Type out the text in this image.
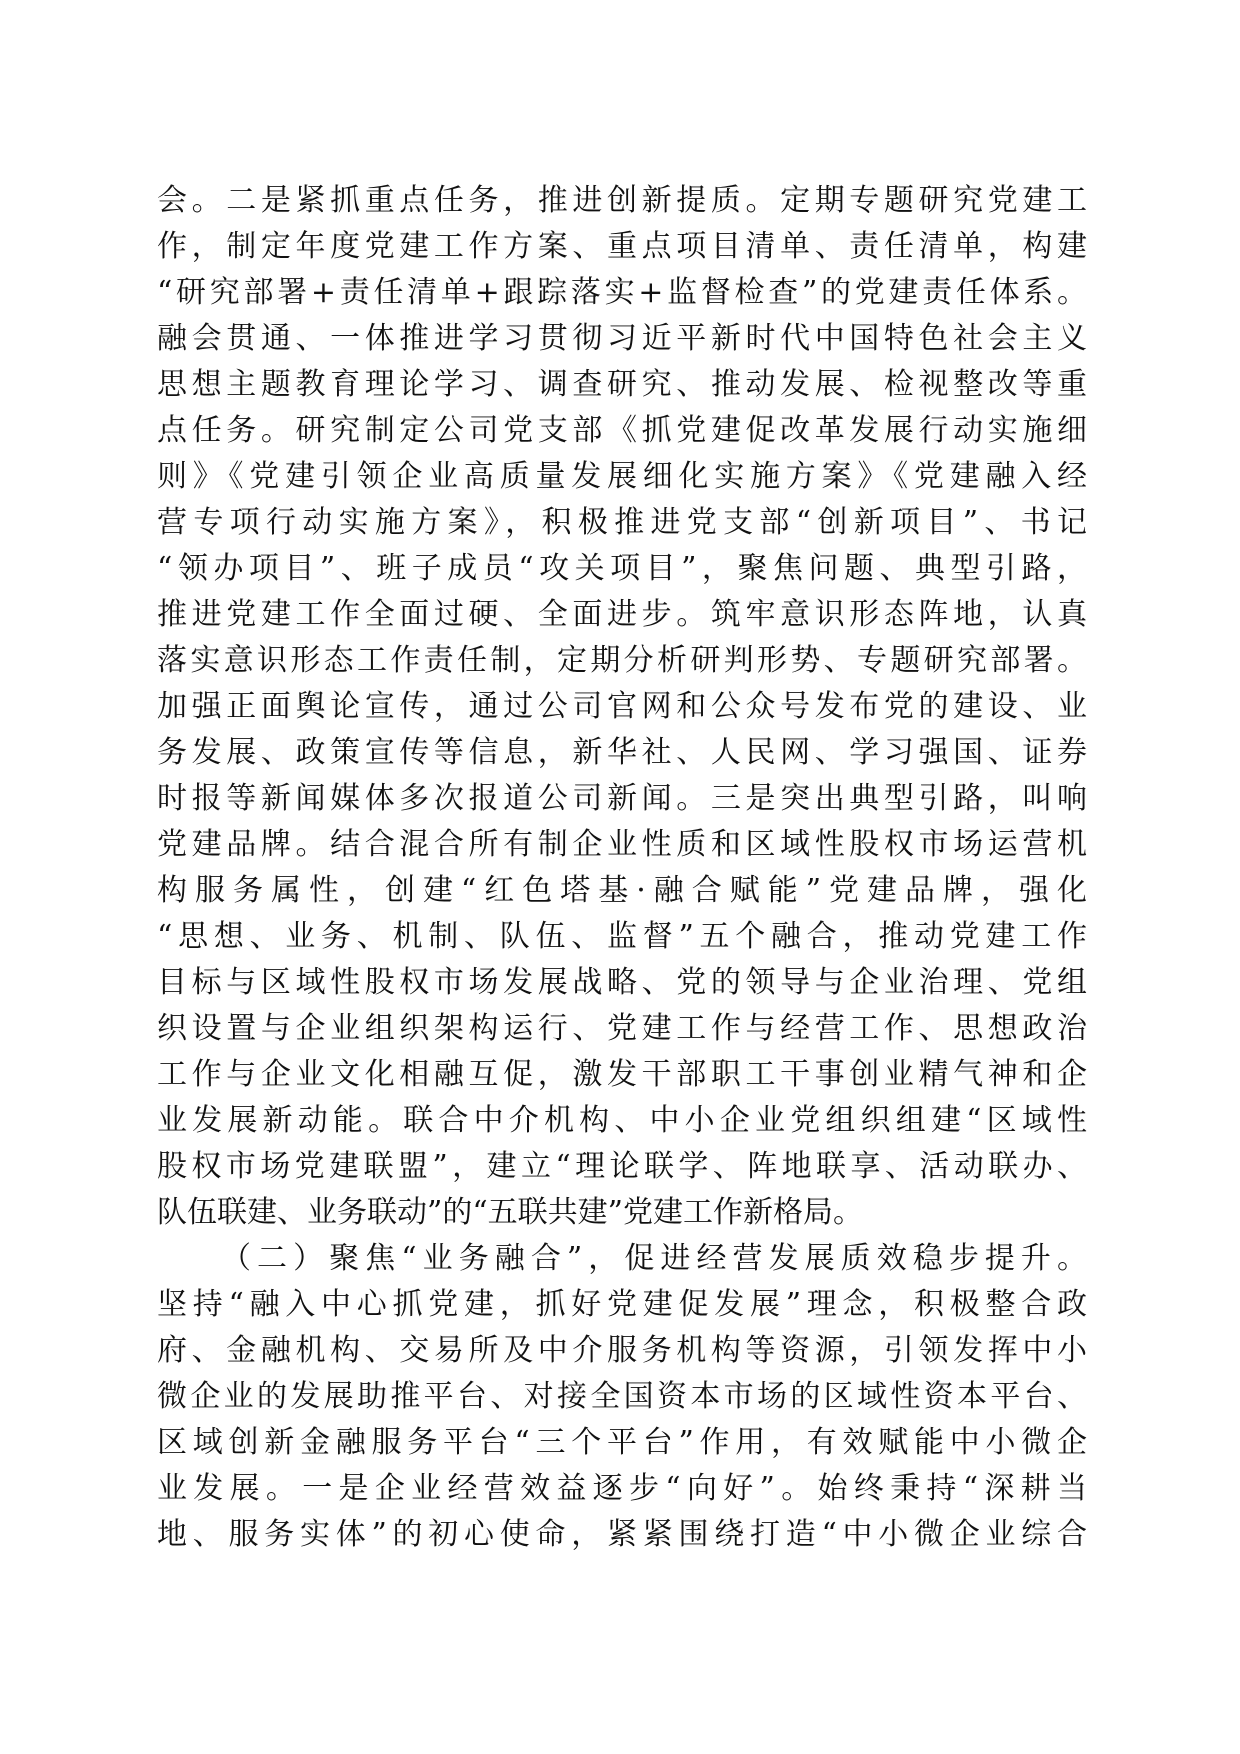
会。二是紧抓重点任务，推进创新提质。定期专题研究党建工
作，制定年度党建工作方案、重点项目清单、责任清单，构建
“研究部署+责任清单+跟踪落实+监督检查”的党建责任体系。
融会贯通、一体推进学习贯彻习近平新时代中国特色社会主义
思想主题教育理论学习、调查研究、推动发展、检视整改等重
点任务。研究制定公司党支部《抓党建促改革发展行动实施细
则》《党建引领企业高质量发展细化实施方案》《党建融入经
营专项行动实施方案》，积极推进党支部“创新项目”、书记
“领办项目”、班子成员“攻关项目”，聚焦问题、典型引路，
推进党建工作全面过硬、全面进步。筑牢意识形态阵地，认真
落实意识形态工作责任制，定期分析研判形势、专题研究部署。
加强正面舆论宣传，通过公司官网和公众号发布党的建设、业
务发展、政策宣传等信息，新华社、人民网、学习强国、证券
时报等新闻媒体多次报道公司新闻。三是突出典型引路，叫响
党建品牌。结合混合所有制企业性质和区域性股权市场运营机
构服务属性，创建“红色塔基·融合赋能”党建品牌，强化
“思想、业务、机制、队伍、监督”五个融合，推动党建工作
目标与区域性股权市场发展战略、党的领导与企业治理、党组
织设置与企业组织架构运行、党建工作与经营工作、思想政治
工作与企业文化相融互促，激发干部职工干事创业精气神和企
业发展新动能。联合中介机构、中小企业党组织组建“区域性
股权市场党建联盟”，建立“理论联学、阵地联享、活动联办、
队伍联建、业务联动”的“五联共建”党建工作新格局。
（二）聚焦“业务融合”，促进经营发展质效稳步提升。
坚持“融入中心抓党建，抓好党建促发展”理念，积极整合政
府、金融机构、交易所及中介服务机构等资源，引领发挥中小
微企业的发展助推平台、对接全国资本市场的区域性资本平台、
区域创新金融服务平台“三个平台”作用，有效赋能中小微企
业发展。一是企业经营效益逐步“向好”。始终秉持“深耕当
地、服务实体”的初心使命，紧紧围绕打造“中小微企业综合
